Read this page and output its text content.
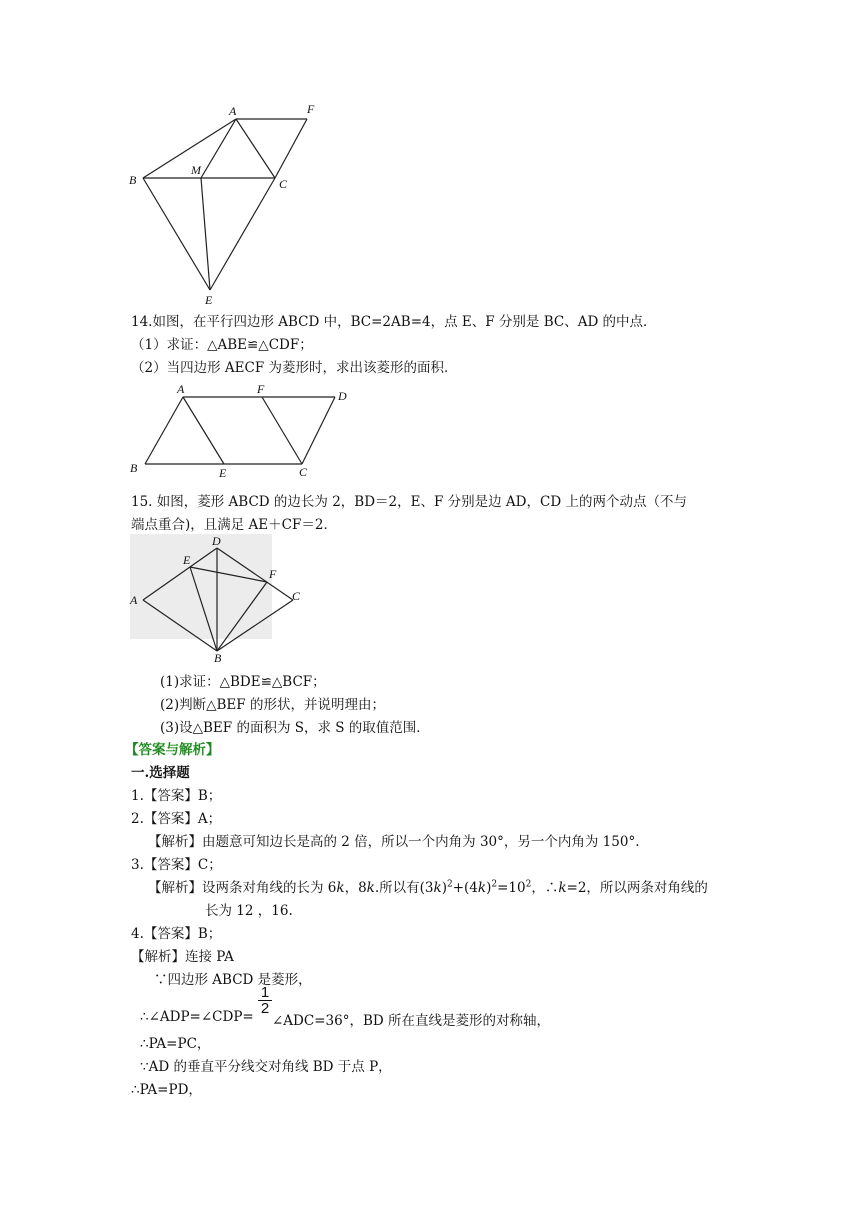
A	F
B
M
C
E
14.如图，在平行四边形 ABCD 中，BC=2AB=4，点 E、F 分别是 BC、AD 的中点．
（1）求证：△ABE≌△CDF；
（2）当四边形 AECF 为菱形时，求出该菱形的面积．
A	F	D
B	E	C
15. 如图，菱形 ABCD 的边长为 2，BD＝2，E、F 分别是边 AD，CD 上的两个动点（不与
端点重合)，且满足 AE＋CF＝2．
D
E
F
A
B
C
(1)求证：△BDE≌△BCF；
(2)判断△BEF 的形状，并说明理由；
(3)设△BEF 的面积为 S，求 S 的取值范围．
【答案与解析】
一.选择题
1.【答案】B；
2.【答案】A；
【解析】由题意可知边长是高的 2 倍，所以一个内角为 30°，另一个内角为 150°.
3.【答案】C；
【解析】设两条对角线的长为 6k，8k.所以有$(3k)^2+(4k)^2=10^2$，∴k=2，所以两条对角线的
长为 12 ，16.
4.【答案】B；
【解析】连接 PA
∵四边形 ABCD 是菱形，
$\frac{1}{2}$
∴∠ADP=∠CDP= ∠ADC=36°，BD 所在直线是菱形的对称轴，
∴PA=PC，
∵AD 的垂直平分线交对角线 BD 于点 P，
∴PA=PD，
